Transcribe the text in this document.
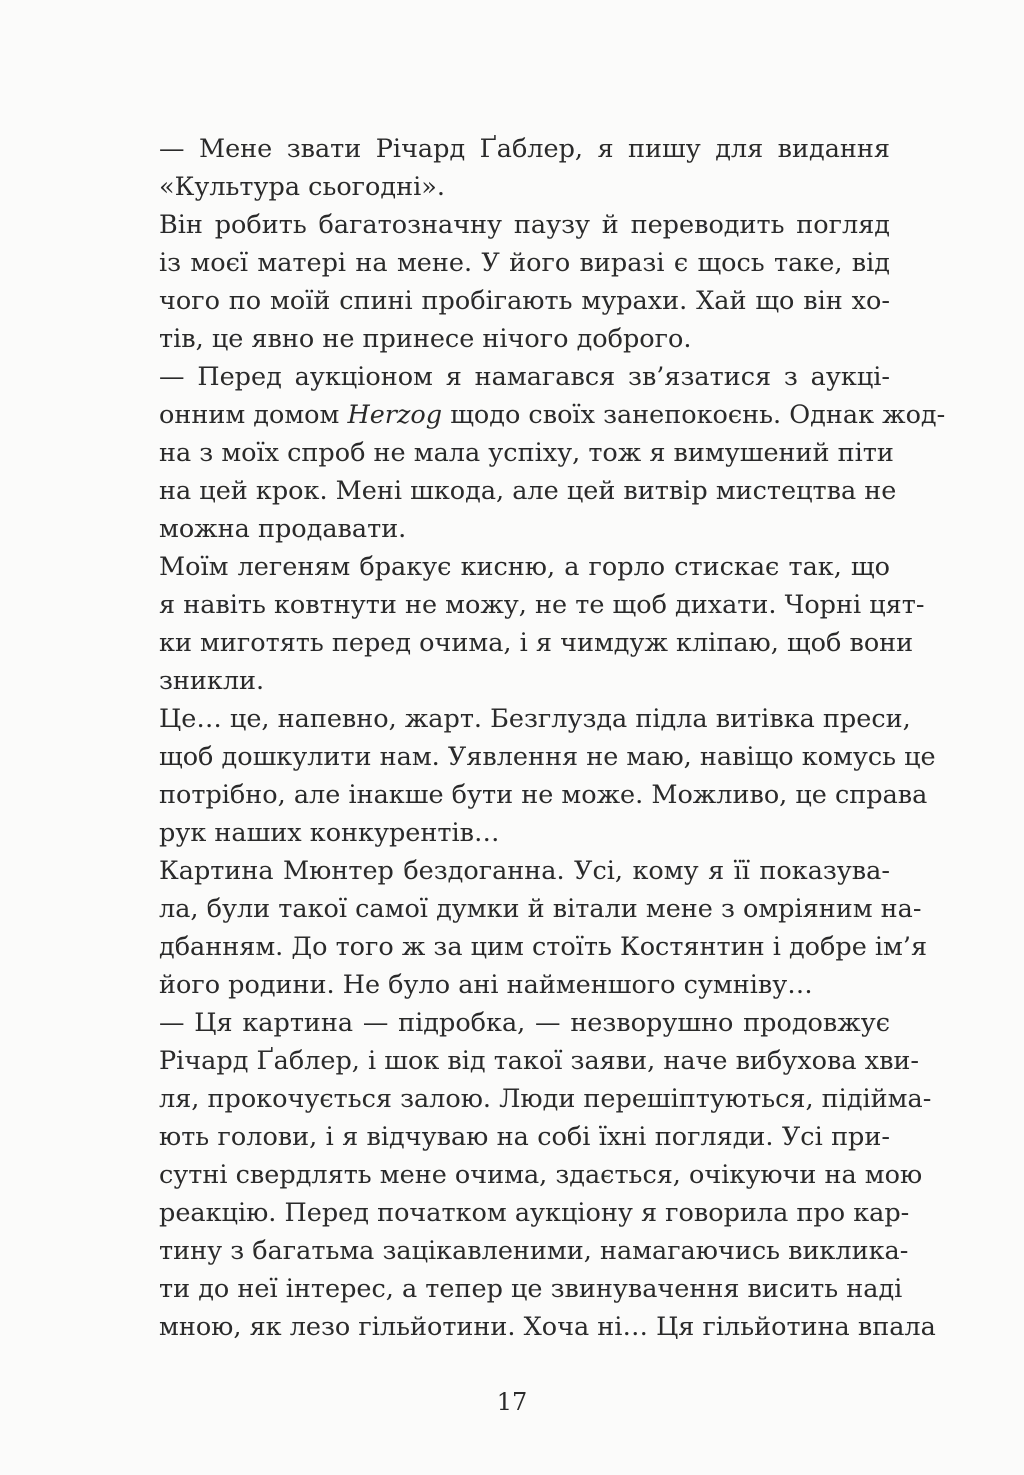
— Мене звати Річард Ґаблер, я пишу для видання
«Культура сьогодні».
Він робить багатозначну паузу й переводить погляд
із моєї матері на мене. У його виразі є щось таке, від
чого по моїй спині пробігають мурахи. Хай що він хо-
тів, це явно не принесе нічого доброго.
— Перед аукціоном я намагався зв’язатися з аукці-
онним домом Herzog щодо своїх занепокоєнь. Однак жод-
на з моїх спроб не мала успіху, тож я вимушений піти
на цей крок. Мені шкода, але цей витвір мистецтва не
можна продавати.
Моїм легеням бракує кисню, а горло стискає так, що
я навіть ковтнути не можу, не те щоб дихати. Чорні цят-
ки миготять перед очима, і я чимдуж кліпаю, щоб вони
зникли.
Це… це, напевно, жарт. Безглузда підла витівка преси,
щоб дошкулити нам. Уявлення не маю, навіщо комусь це
потрібно, але інакше бути не може. Можливо, це справа
рук наших конкурентів…
Картина Мюнтер бездоганна. Усі, кому я її показува-
ла, були такої самої думки й вітали мене з омріяним на-
дбанням. До того ж за цим стоїть Костянтин і добре ім’я
його родини. Не було ані найменшого сумніву…
— Ця картина — підробка, — незворушно продовжує
Річард Ґаблер, і шок від такої заяви, наче вибухова хви-
ля, прокочується залою. Люди перешіптуються, підійма-
ють голови, і я відчуваю на собі їхні погляди. Усі при-
сутні свердлять мене очима, здається, очікуючи на мою
реакцію. Перед початком аукціону я говорила про кар-
тину з багатьма зацікавленими, намагаючись виклика-
ти до неї інтерес, а тепер це звинувачення висить наді
мною, як лезо гільйотини. Хоча ні… Ця гільйотина впала
17
